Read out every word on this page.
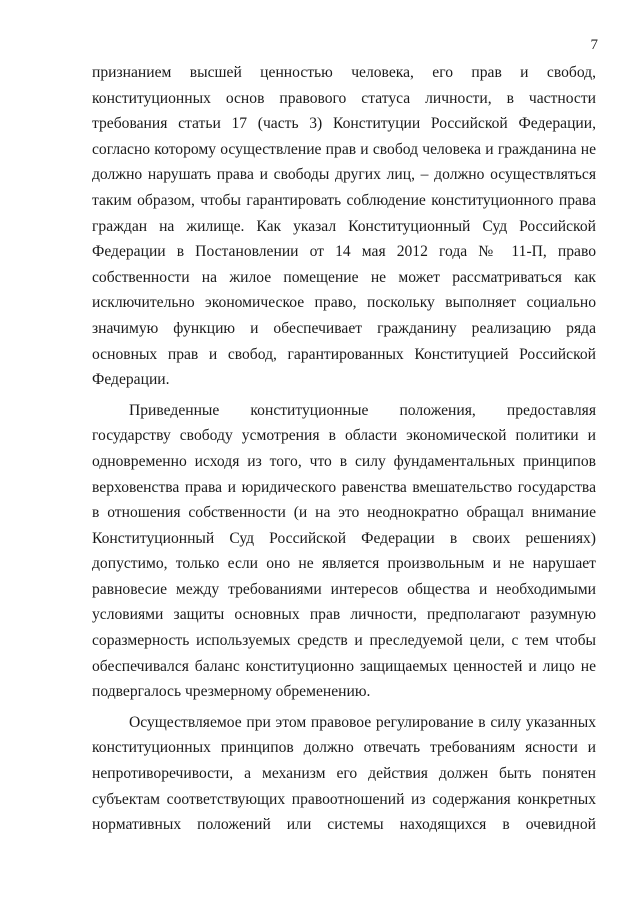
7
признанием высшей ценностью человека, его прав и свобод,
конституционных основ правового статуса личности, в частности
требования статьи 17 (часть 3) Конституции Российской Федерации,
согласно которому осуществление прав и свобод человека и гражданина не
должно нарушать права и свободы других лиц, – должно осуществляться
таким образом, чтобы гарантировать соблюдение конституционного права
граждан на жилище. Как указал Конституционный Суд Российской
Федерации в Постановлении от 14 мая 2012 года № 11-П, право
собственности на жилое помещение не может рассматриваться как
исключительно экономическое право, поскольку выполняет социально
значимую функцию и обеспечивает гражданину реализацию ряда
основных прав и свобод, гарантированных Конституцией Российской
Федерации.
Приведенные конституционные положения, предоставляя
государству свободу усмотрения в области экономической политики и
одновременно исходя из того, что в силу фундаментальных принципов
верховенства права и юридического равенства вмешательство государства
в отношения собственности (и на это неоднократно обращал внимание
Конституционный Суд Российской Федерации в своих решениях)
допустимо, только если оно не является произвольным и не нарушает
равновесие между требованиями интересов общества и необходимыми
условиями защиты основных прав личности, предполагают разумную
соразмерность используемых средств и преследуемой цели, с тем чтобы
обеспечивался баланс конституционно защищаемых ценностей и лицо не
подвергалось чрезмерному обременению.
Осуществляемое при этом правовое регулирование в силу указанных
конституционных принципов должно отвечать требованиям ясности и
непротиворечивости, а механизм его действия должен быть понятен
субъектам соответствующих правоотношений из содержания конкретных
нормативных положений или системы находящихся в очевидной
